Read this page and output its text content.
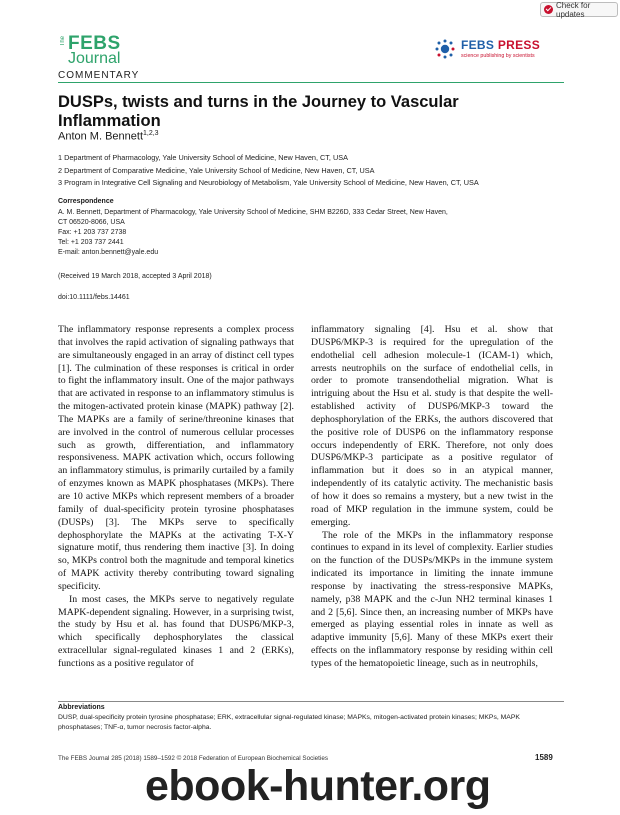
Check for updates
The FEBS
Journal
FEBS PRESS
science publishing by scientists
COMMENTARY
DUSPs, twists and turns in the Journey to Vascular Inflammation
Anton M. Bennett$^{1,2,3}$
1 Department of Pharmacology, Yale University School of Medicine, New Haven, CT, USA
2 Department of Comparative Medicine, Yale University School of Medicine, New Haven, CT, USA
3 Program in Integrative Cell Signaling and Neurobiology of Metabolism, Yale University School of Medicine, New Haven, CT, USA
Correspondence
A. M. Bennett, Department of Pharmacology, Yale University School of Medicine, SHM B226D, 333 Cedar Street, New Haven,
CT 06520-8066, USA
Fax: +1 203 737 2738
Tel: +1 203 737 2441
E-mail: anton.bennett@yale.edu
(Received 19 March 2018, accepted 3 April 2018)
doi:10.1111/febs.14461

The inflammatory response represents a complex process that involves the rapid activation of signaling pathways that are simultaneously engaged in an array of distinct cell types [1]. The culmination of these responses is critical in order to fight the inflammatory insult. One of the major pathways that are activated in response to an inflammatory stimulus is the mitogen-activated protein kinase (MAPK) pathway [2]. The MAPKs are a family of serine/threonine kinases that are involved in the control of numerous cellular processes such as growth, differentiation, and inflammatory responsiveness. MAPK activation which, occurs following an inflammatory stimulus, is primarily curtailed by a family of enzymes known as MAPK phosphatases (MKPs). There are 10 active MKPs which represent members of a broader family of dual-specificity protein tyrosine phosphatases (DUSPs) [3]. The MKPs serve to specifically dephosphorylate the MAPKs at the activating T-X-Y signature motif, thus rendering them inactive [3]. In doing so, MKPs control both the magnitude and temporal kinetics of MAPK activity thereby contributing toward signaling specificity.

In most cases, the MKPs serve to negatively regulate MAPK-dependent signaling. However, in a surprising twist, the study by Hsu et al. has found that DUSP6/MKP-3, which specifically dephosphorylates the classical extracellular signal-regulated kinases 1 and 2 (ERKs), functions as a positive regulator of

inflammatory signaling [4]. Hsu et al. show that DUSP6/MKP-3 is required for the upregulation of the endothelial cell adhesion molecule-1 (ICAM-1) which, arrests neutrophils on the surface of endothelial cells, in order to promote transendothelial migration. What is intriguing about the Hsu et al. study is that despite the well-established activity of DUSP6/MKP-3 toward the dephosphorylation of the ERKs, the authors discovered that the positive role of DUSP6 on the inflammatory response occurs independently of ERK. Therefore, not only does DUSP6/MKP-3 participate as a positive regulator of inflammation but it does so in an atypical manner, independently of its catalytic activity. The mechanistic basis of how it does so remains a mystery, but a new twist in the road of MKP regulation in the immune system, could be emerging.

The role of the MKPs in the inflammatory response continues to expand in its level of complexity. Earlier studies on the function of the DUSPs/MKPs in the immune system indicated its importance in limiting the innate immune response by inactivating the stress-responsive MAPKs, namely, p38 MAPK and the c-Jun NH2 terminal kinases 1 and 2 [5,6]. Since then, an increasing number of MKPs have emerged as playing essential roles in innate as well as adaptive immunity [5,6]. Many of these MKPs exert their effects on the inflammatory response by residing within cell types of the hematopoietic lineage, such as in neutrophils,

Abbreviations
DUSP, dual-specificity protein tyrosine phosphatase; ERK, extracellular signal-regulated kinase; MAPKs, mitogen-activated protein kinases; MKPs, MAPK phosphatases; TNF-α, tumor necrosis factor-alpha.
The FEBS Journal 285 (2018) 1589–1592 © 2018 Federation of European Biochemical Societies	1589
ebook-hunter.org
